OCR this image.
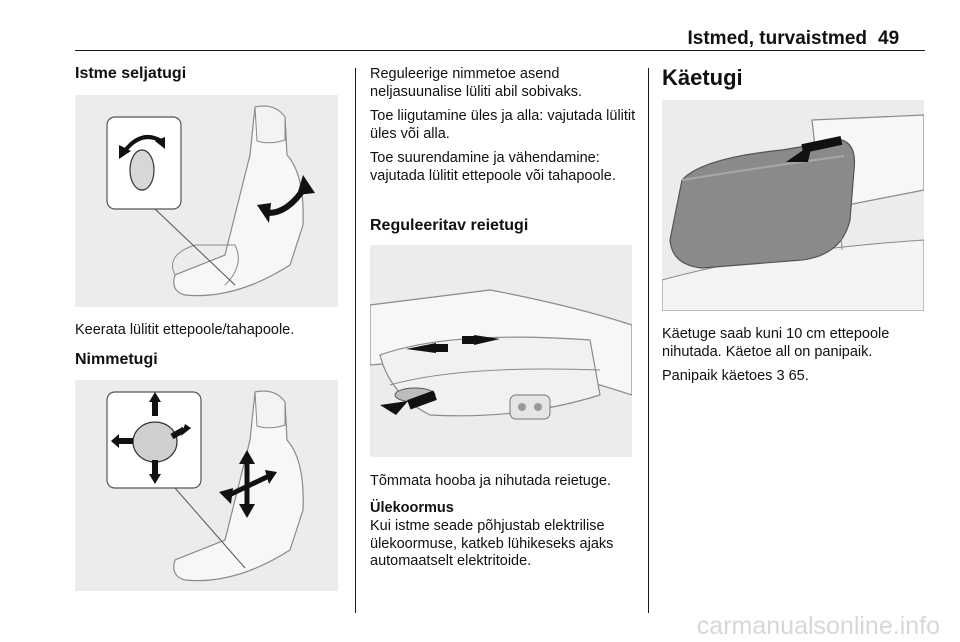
Istmed, turvaistmed 49
Istme seljatugi
Keerata lülitit ettepoole/tahapoole.
Nimmetugi
Reguleerige nimmetoe asend neljasuunalise lüliti abil sobivaks.
Toe liigutamine üles ja alla: vajutada lülitit üles või alla.
Toe suurendamine ja vähendamine: vajutada lülitit ettepoole või tahapoole.
Reguleeritav reietugi
Tõmmata hooba ja nihutada reietuge.
Ülekoormus
Kui istme seade põhjustab elektrilise ülekoormuse, katkeb lühikeseks ajaks automaatselt elektritoide.
Käetugi
Käetuge saab kuni 10 cm ettepoole nihutada. Käetoe all on panipaik.
Panipaik käetoes 3 65.
carmanualsonline.info
